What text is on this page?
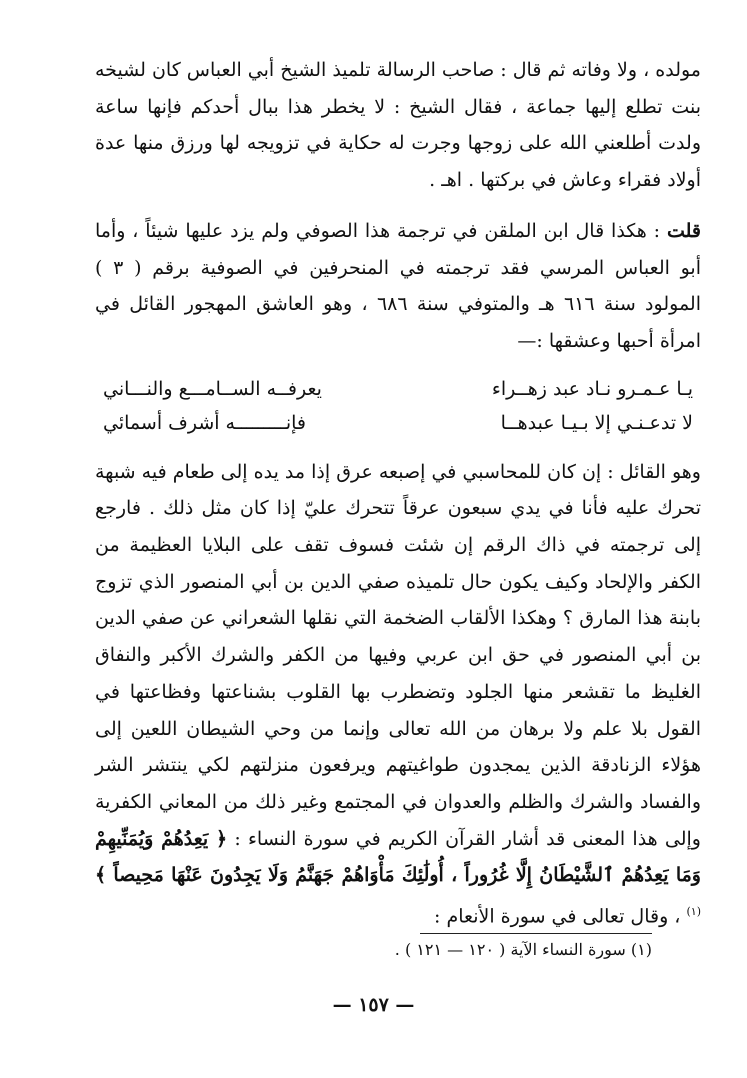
مولده ، ولا وفاته ثم قال : صاحب الرسالة تلميذ الشيخ أبي العباس كان لشيخه بنت تطلع إليها جماعة ، فقال الشيخ : لا يخطر هذا ببال أحدكم فإنها ساعة ولدت أطلعني الله على زوجها وجرت له حكاية في تزويجه لها ورزق منها عدة أولاد فقراء وعاش في بركتها . اهـ .

قلت : هكذا قال ابن الملقن في ترجمة هذا الصوفي ولم يزد عليها شيئاً ، وأما أبو العباس المرسي فقد ترجمته في المنحرفين في الصوفية برقم ( ٣ ) المولود سنة ٦١٦ هـ والمتوفي سنة ٦٨٦ ، وهو العاشق المهجور القائل في امرأة أحبها وعشقها :—

يـا عـمـرو نـاد عبد زهــراء
يعرفــه الســامـــع والنـــاني
لا تدعـنـي إلا بـيـا عبدهــا
فإنـــــــــه أشرف أسمائي

وهو القائل : إن كان للمحاسبي في إصبعه عرق إذا مد يده إلى طعام فيه شبهة تحرك عليه فأنا في يدي سبعون عرقاً تتحرك عليّ إذا كان مثل ذلك . فارجع إلى ترجمته في ذاك الرقم إن شئت فسوف تقف على البلايا العظيمة من الكفر والإلحاد وكيف يكون حال تلميذه صفي الدين بن أبي المنصور الذي تزوج بابنة هذا المارق ؟ وهكذا الألقاب الضخمة التي نقلها الشعراني عن صفي الدين بن أبي المنصور في حق ابن عربي وفيها من الكفر والشرك الأكبر والنفاق الغليظ ما تقشعر منها الجلود وتضطرب بها القلوب بشناعتها وفظاعتها في القول بلا علم ولا برهان من الله تعالى وإنما من وحي الشيطان اللعين إلى هؤلاء الزنادقة الذين يمجدون طواغيتهم ويرفعون منزلتهم لكي ينتشر الشر والفساد والشرك والظلم والعدوان في المجتمع وغير ذلك من المعاني الكفرية وإلى هذا المعنى قد أشار القرآن الكريم في سورة النساء : ﴿ يَعِدُهُمْ وَيُمَنِّيهِمْ وَمَا يَعِدُهُمْ ٱلشَّيْطَانُ إِلَّا غُرُوراً ، أُولَٰئِكَ مَأْوَاهُمْ جَهَنَّمُ وَلَا يَجِدُونَ عَنْهَا مَحِيصاً ﴾$^{(١)}$ ، وقال تعالى في سورة الأنعام :

(١) سورة النساء الآية ( ١٢٠ — ١٢١ ) .
— ١٥٧ —
